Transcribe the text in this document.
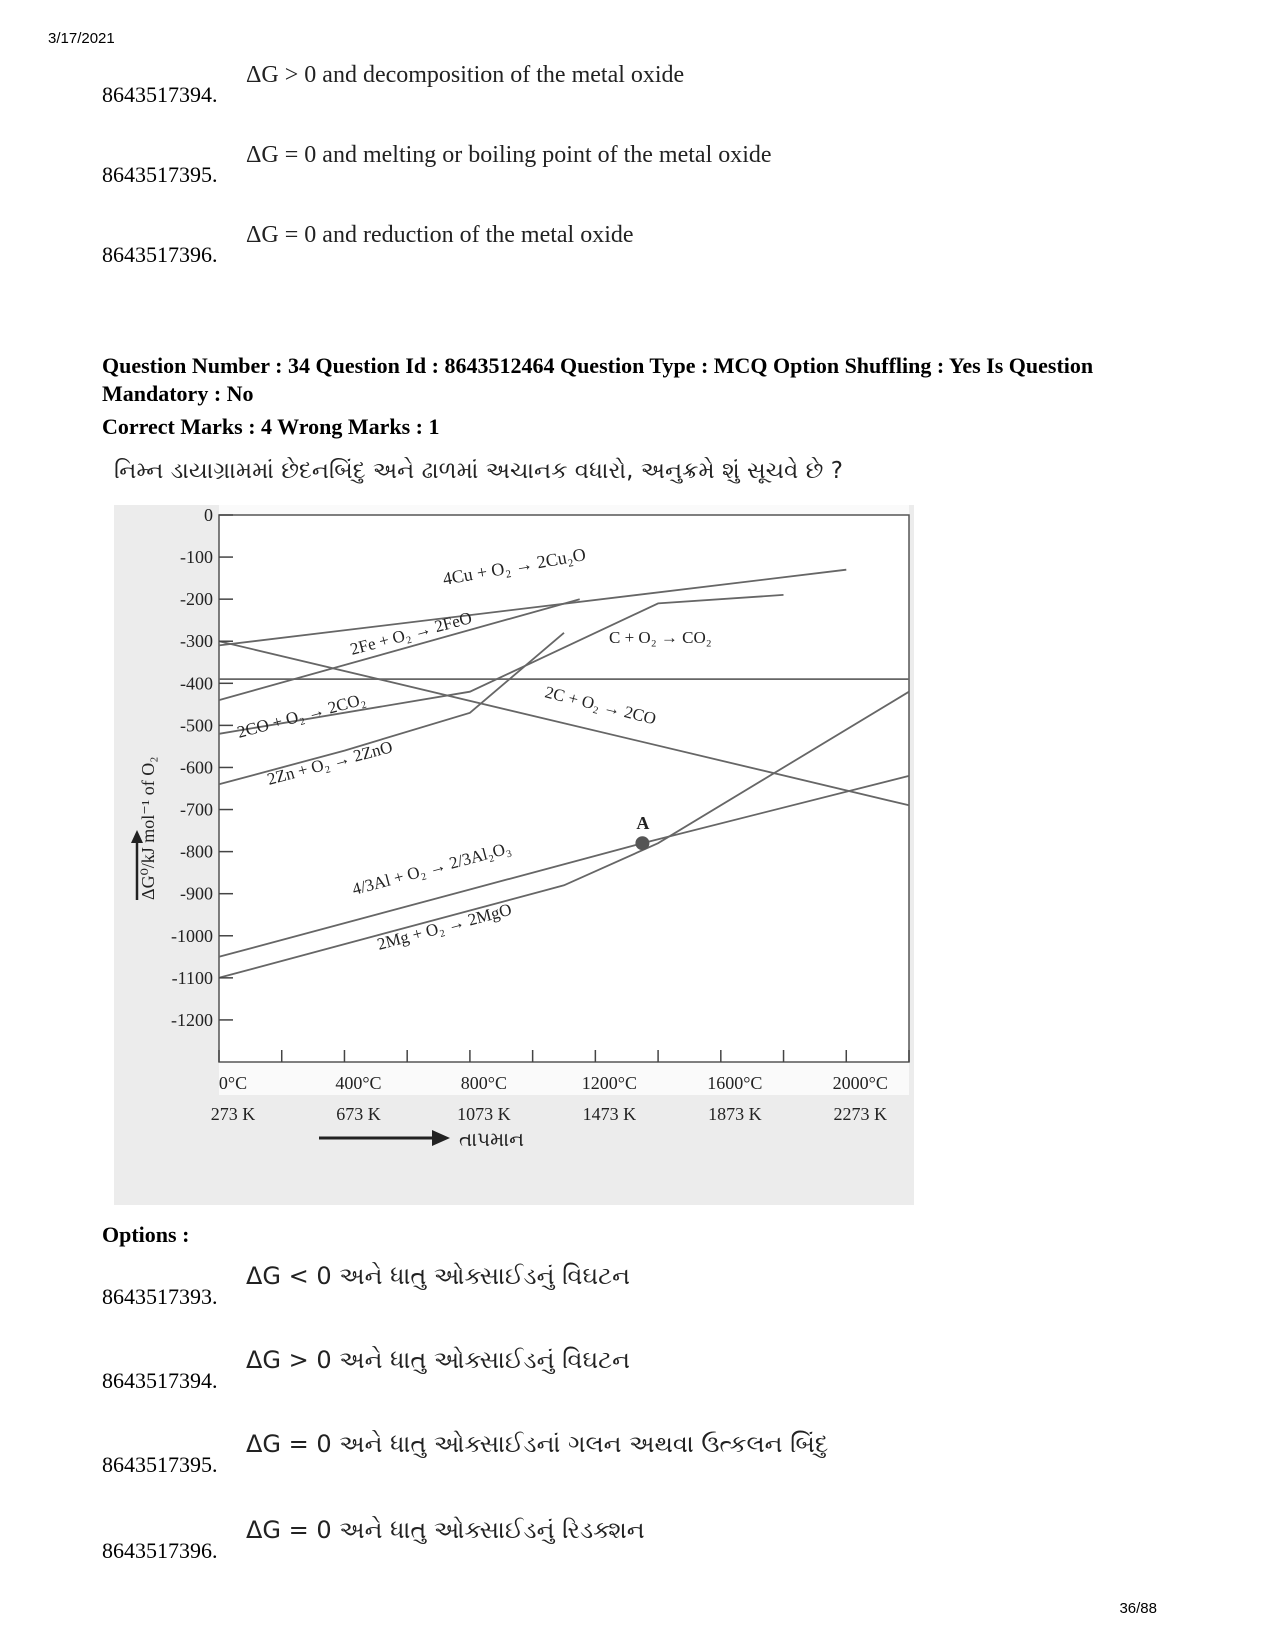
3/17/2021
8643517394.
ΔG > 0 and decomposition of the metal oxide
8643517395.
ΔG = 0 and melting or boiling point of the metal oxide
8643517396.
ΔG = 0 and reduction of the metal oxide
Question Number : 34 Question Id : 8643512464 Question Type : MCQ Option Shuffling : Yes Is Question Mandatory : No
Correct Marks : 4 Wrong Marks : 1
નિમ્ન ડાયાગ્રામમાં છેદનબિંદુ અને ઢાળમાં અચાનક વધારો, અનુક્રમે શું સૂચવે છે ?
A
0
-100
-200
-300
-400
-500
-600
-700
-800
-900
-1000
-1100
-1200
0°C
273 K
400°C
673 K
800°C
1073 K
1200°C
1473 K
1600°C
1873 K
2000°C
2273 K
4Cu + O₂ → 2Cu₂O
2Fe + O₂ → 2FeO	C + O₂ → CO₂
2CO + O₂ → 2CO₂	2C + O₂ → 2CO
2Zn + O₂ → 2ZnO
4/3Al + O₂ → 2/3Al₂O₃
2Mg + O₂ → 2MgO
ΔG⁰/kJ mol⁻¹ of O₂
તાપમાન
Options :
8643517393.
ΔG < 0 અને ધાતુ ઓક્સાઈડનું વિઘટન
8643517394.
ΔG > 0 અને ધાતુ ઓક્સાઈડનું વિઘટન
8643517395.
ΔG = 0 અને ધાતુ ઓક્સાઈડનાં ગલન અથવા ઉત્કલન બિંદુ
8643517396.
ΔG = 0 અને ધાતુ ઓક્સાઈડનું રિડક્શન
36/88
